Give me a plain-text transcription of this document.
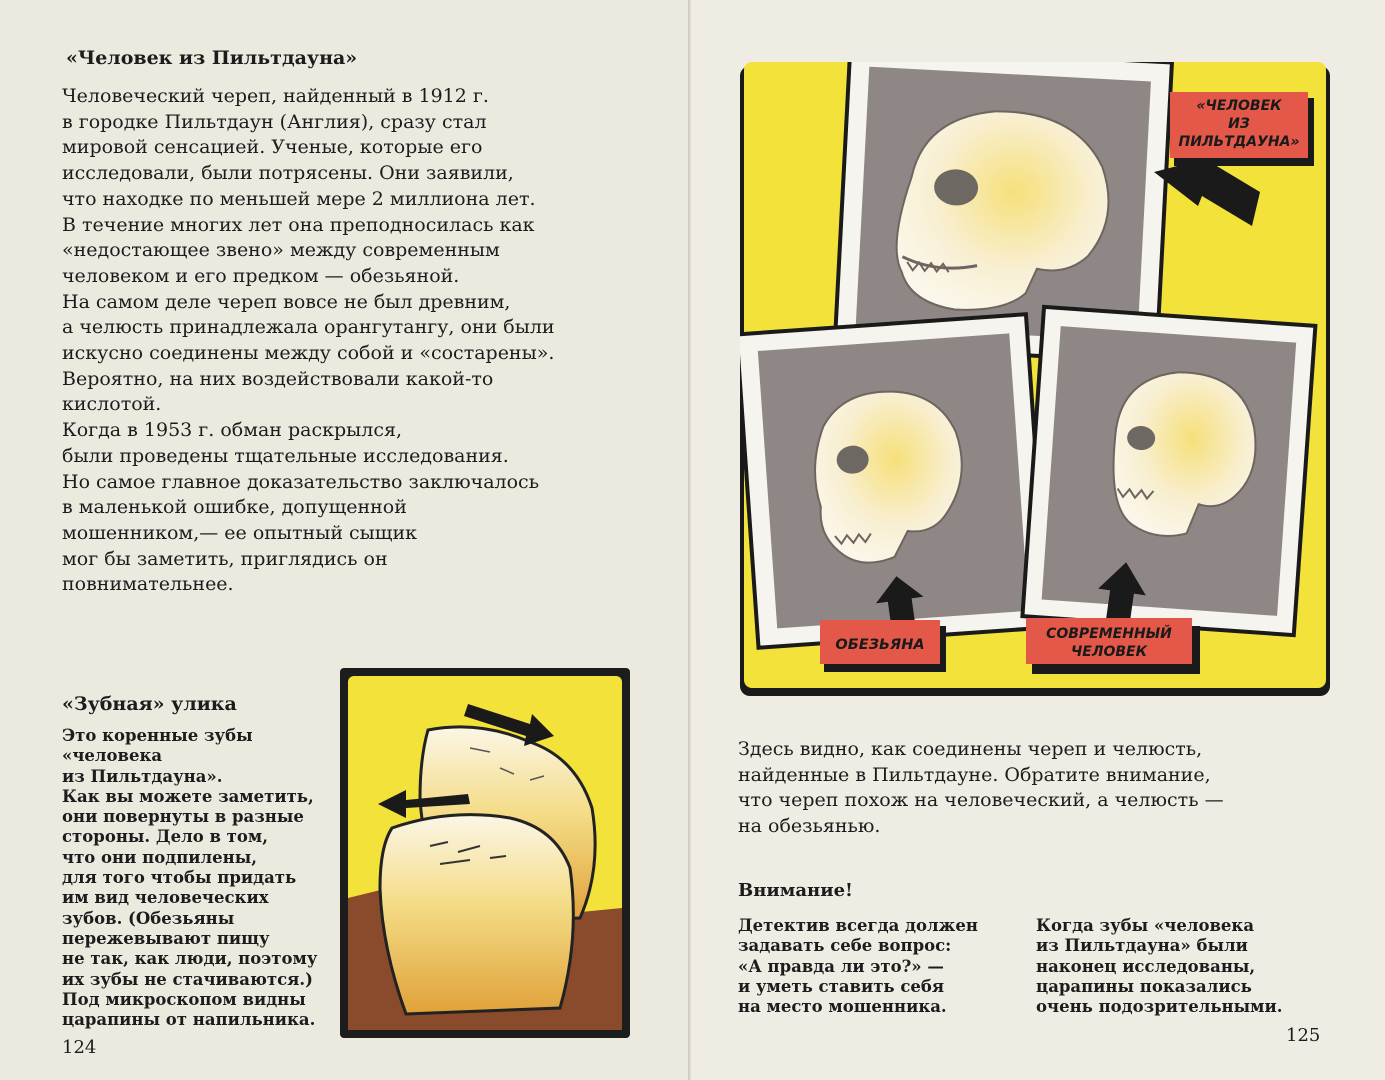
«Человек из Пильтдауна»
Человеческий череп, найденный в 1912 г.
в городке Пильтдаун (Англия), сразу стал
мировой сенсацией. Ученые, которые его
исследовали, были потрясены. Они заявили,
что находке по меньшей мере 2 миллиона лет.
В течение многих лет она преподносилась как
«недостающее звено» между современным
человеком и его предком — обезьяной.
На самом деле череп вовсе не был древним,
а челюсть принадлежала орангутангу, они были
искусно соединены между собой и «состарены».
Вероятно, на них воздействовали какой-то
кислотой.
Когда в 1953 г. обман раскрылся,
были проведены тщательные исследования.
Но самое главное доказательство заключалось
в маленькой ошибке, допущенной
мошенником,— ее опытный сыщик
мог бы заметить, приглядись он
повнимательнее.
«Зубная» улика
Это коренные зубы
«человека
из Пильтдауна».
Как вы можете заметить,
они повернуты в разные
стороны. Дело в том,
что они подпилены,
для того чтобы придать
им вид человеческих
зубов. (Обезьяны
пережевывают пищу
не так, как люди, поэтому
их зубы не стачиваются.)
Под микроскопом видны
царапины от напильника.
124
«ЧЕЛОВЕК
ИЗ
ПИЛЬТДАУНА»
ОБЕЗЬЯНА
СОВРЕМЕННЫЙ
ЧЕЛОВЕК
Здесь видно, как соединены череп и челюсть,
найденные в Пильтдауне. Обратите внимание,
что череп похож на человеческий, а челюсть —
на обезьянью.
Внимание!
Детектив всегда должен
задавать себе вопрос:
«А правда ли это?» —
и уметь ставить себя
на место мошенника.
Когда зубы «человека
из Пильтдауна» были
наконец исследованы,
царапины показались
очень подозрительными.
125
